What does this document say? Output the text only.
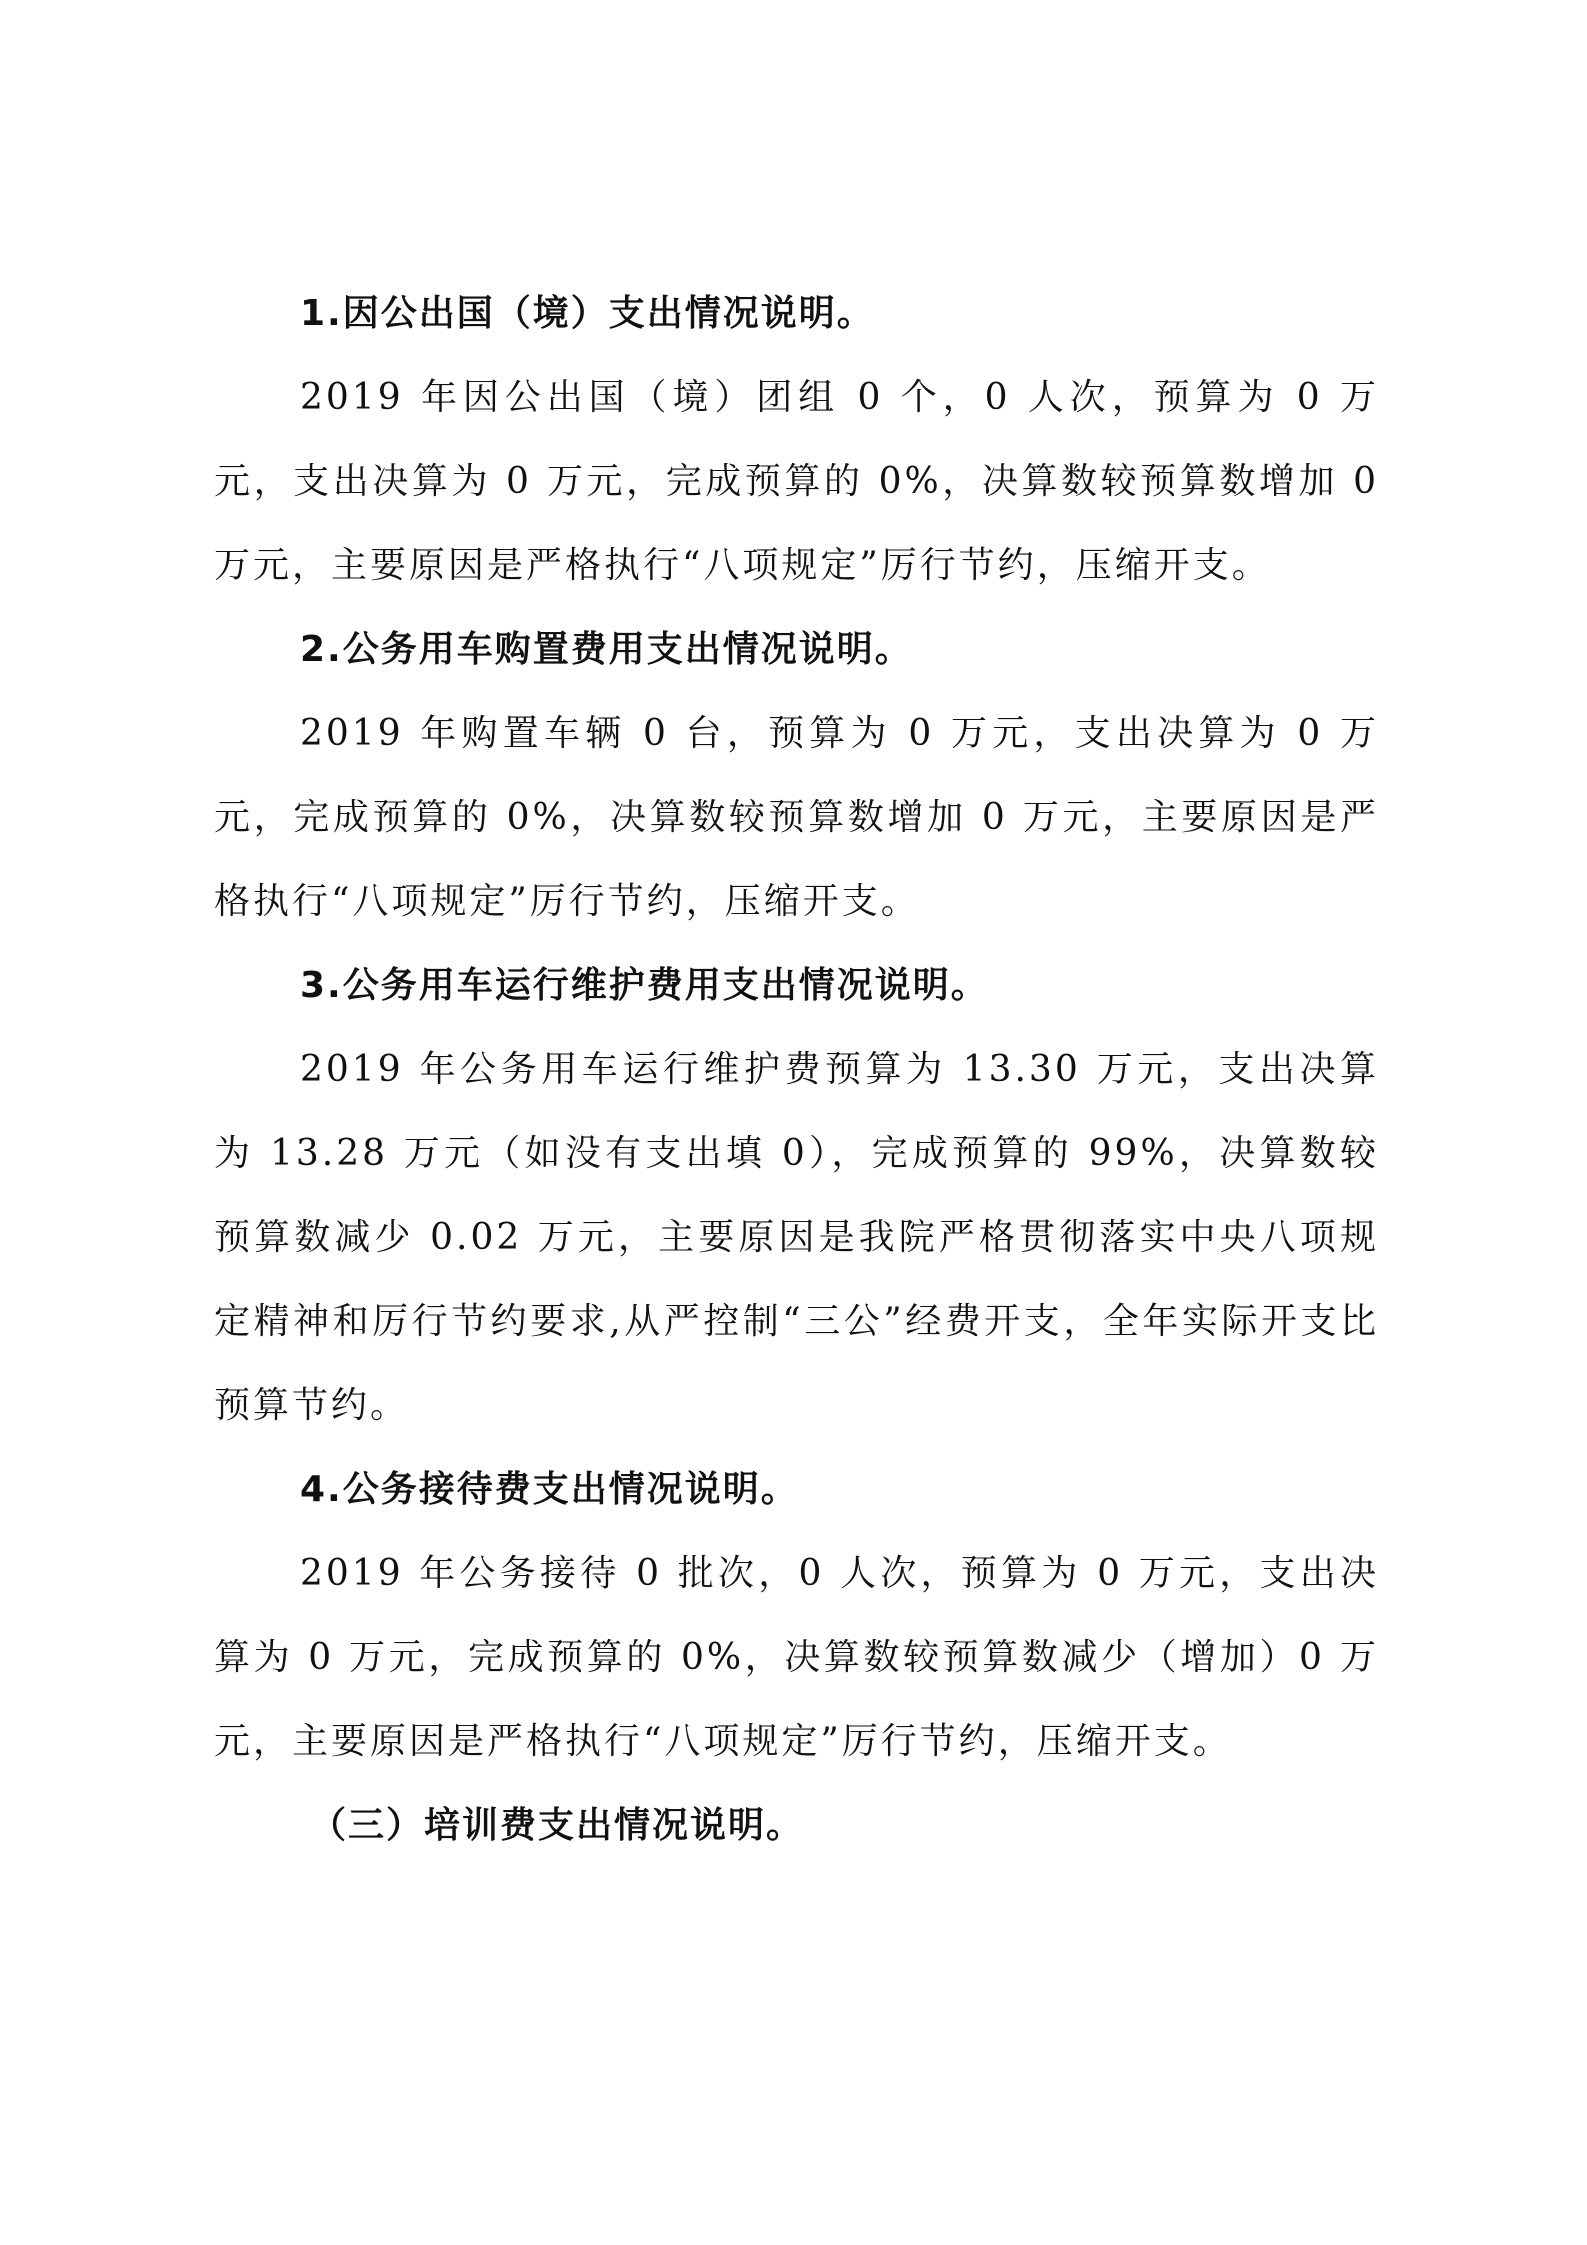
1.因公出国（境）支出情况说明。

2019 年因公出国（境）团组 0 个，0 人次，预算为 0 万元，支出决算为 0 万元，完成预算的 0%，决算数较预算数增加 0 万元，主要原因是严格执行“八项规定”厉行节约，压缩开支。

2.公务用车购置费用支出情况说明。

2019 年购置车辆 0 台，预算为 0 万元，支出决算为 0 万元，完成预算的 0%，决算数较预算数增加 0 万元，主要原因是严格执行“八项规定”厉行节约，压缩开支。

3.公务用车运行维护费用支出情况说明。

2019 年公务用车运行维护费预算为 13.30 万元，支出决算为 13.28 万元（如没有支出填 0），完成预算的 99%，决算数较预算数减少 0.02 万元，主要原因是我院严格贯彻落实中央八项规定精神和厉行节约要求,从严控制“三公”经费开支，全年实际开支比预算节约。

4.公务接待费支出情况说明。

2019 年公务接待 0 批次，0 人次，预算为 0 万元，支出决算为 0 万元，完成预算的 0%，决算数较预算数减少（增加）0 万元，主要原因是严格执行“八项规定”厉行节约，压缩开支。

（三）培训费支出情况说明。
